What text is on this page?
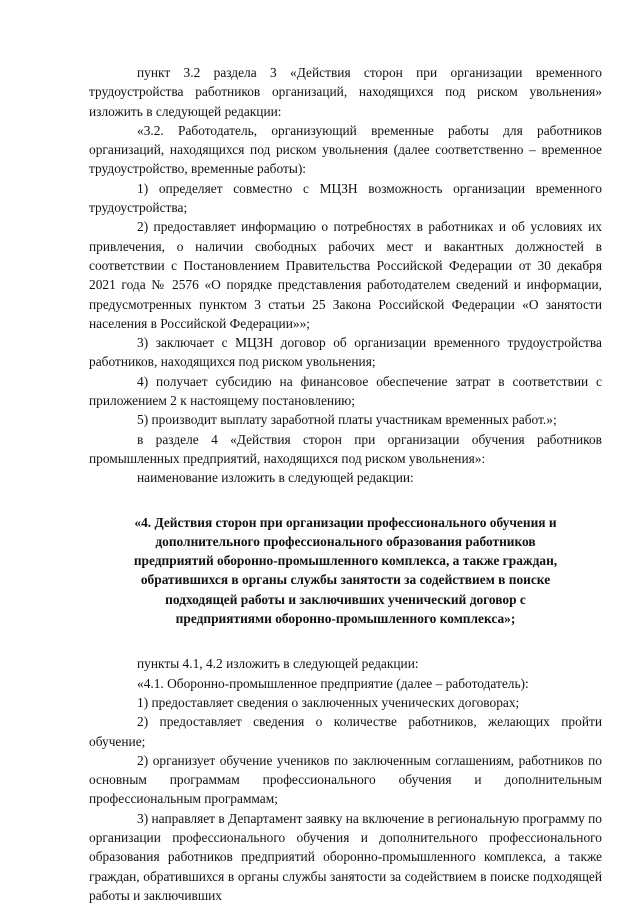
пункт 3.2 раздела 3 «Действия сторон при организации временного трудоустройства работников организаций, находящихся под риском увольнения» изложить в следующей редакции:

«3.2. Работодатель, организующий временные работы для работников организаций, находящихся под риском увольнения (далее соответственно – временное трудоустройство, временные работы):

1) определяет совместно с МЦЗН возможность организации временного трудоустройства;

2) предоставляет информацию о потребностях в работниках и об условиях их привлечения, о наличии свободных рабочих мест и вакантных должностей в соответствии с Постановлением Правительства Российской Федерации от 30 декабря 2021 года № 2576 «О порядке представления работодателем сведений и информации, предусмотренных пунктом 3 статьи 25 Закона Российской Федерации «О занятости населения в Российской Федерации»»;

3) заключает с МЦЗН договор об организации временного трудоустройства работников, находящихся под риском увольнения;

4) получает субсидию на финансовое обеспечение затрат в соответствии с приложением 2 к настоящему постановлению;

5) производит выплату заработной платы участникам временных работ.»;

в разделе 4 «Действия сторон при организации обучения работников промышленных предприятий, находящихся под риском увольнения»:

наименование изложить в следующей редакции:

«4. Действия сторон при организации профессионального обучения и
дополнительного профессионального образования работников
предприятий оборонно-промышленного комплекса, а также граждан,
обратившихся в органы службы занятости за содействием в поиске
подходящей работы и заключивших ученический договор с
предприятиями оборонно-промышленного комплекса»;

пункты 4.1, 4.2 изложить в следующей редакции:

«4.1. Оборонно-промышленное предприятие (далее – работодатель):

1) предоставляет сведения о заключенных ученических договорах;

2) предоставляет сведения о количестве работников, желающих пройти обучение;

2) организует обучение учеников по заключенным соглашениям, работников по основным программам профессионального обучения и дополнительным профессиональным программам;

3) направляет в Департамент заявку на включение в региональную программу по организации профессионального обучения и дополнительного профессионального образования работников предприятий оборонно-промышленного комплекса, а также граждан, обратившихся в органы службы занятости за содействием в поиске подходящей работы и заключивших
